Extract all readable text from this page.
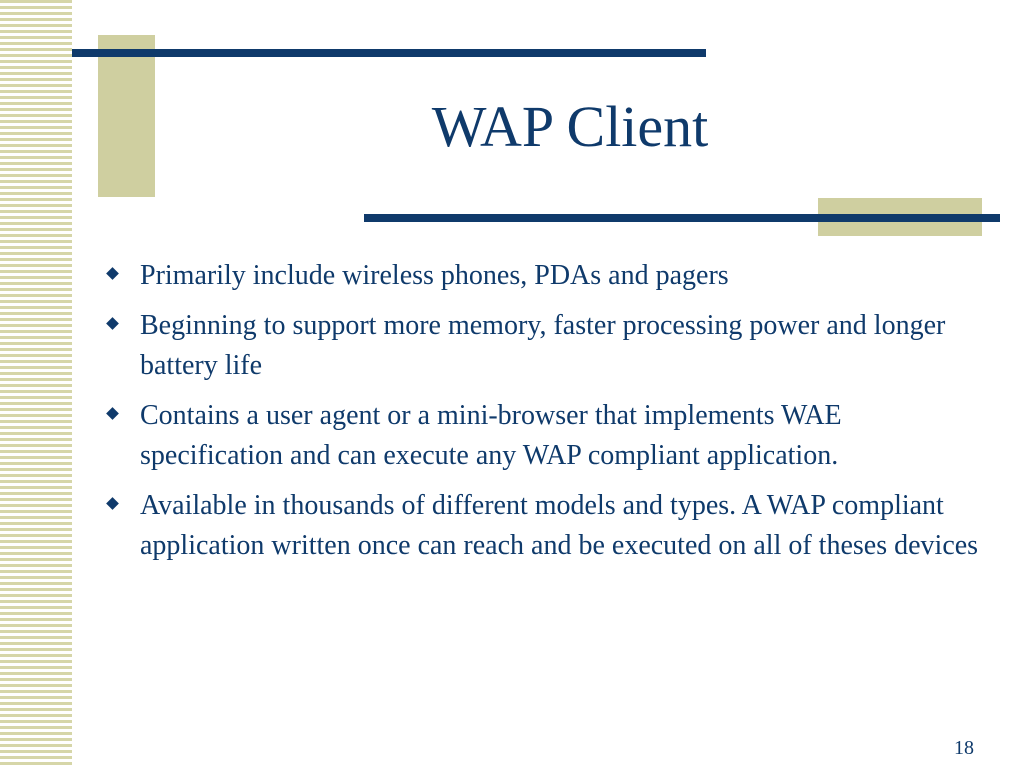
WAP Client
Primarily include wireless phones, PDAs and pagers
Beginning to support more memory, faster processing power and longer battery life
Contains a user agent or a mini-browser that implements WAE specification and can execute any WAP compliant application.
Available in thousands of different models and types. A WAP compliant application written once can reach and be executed on all of theses devices
18
